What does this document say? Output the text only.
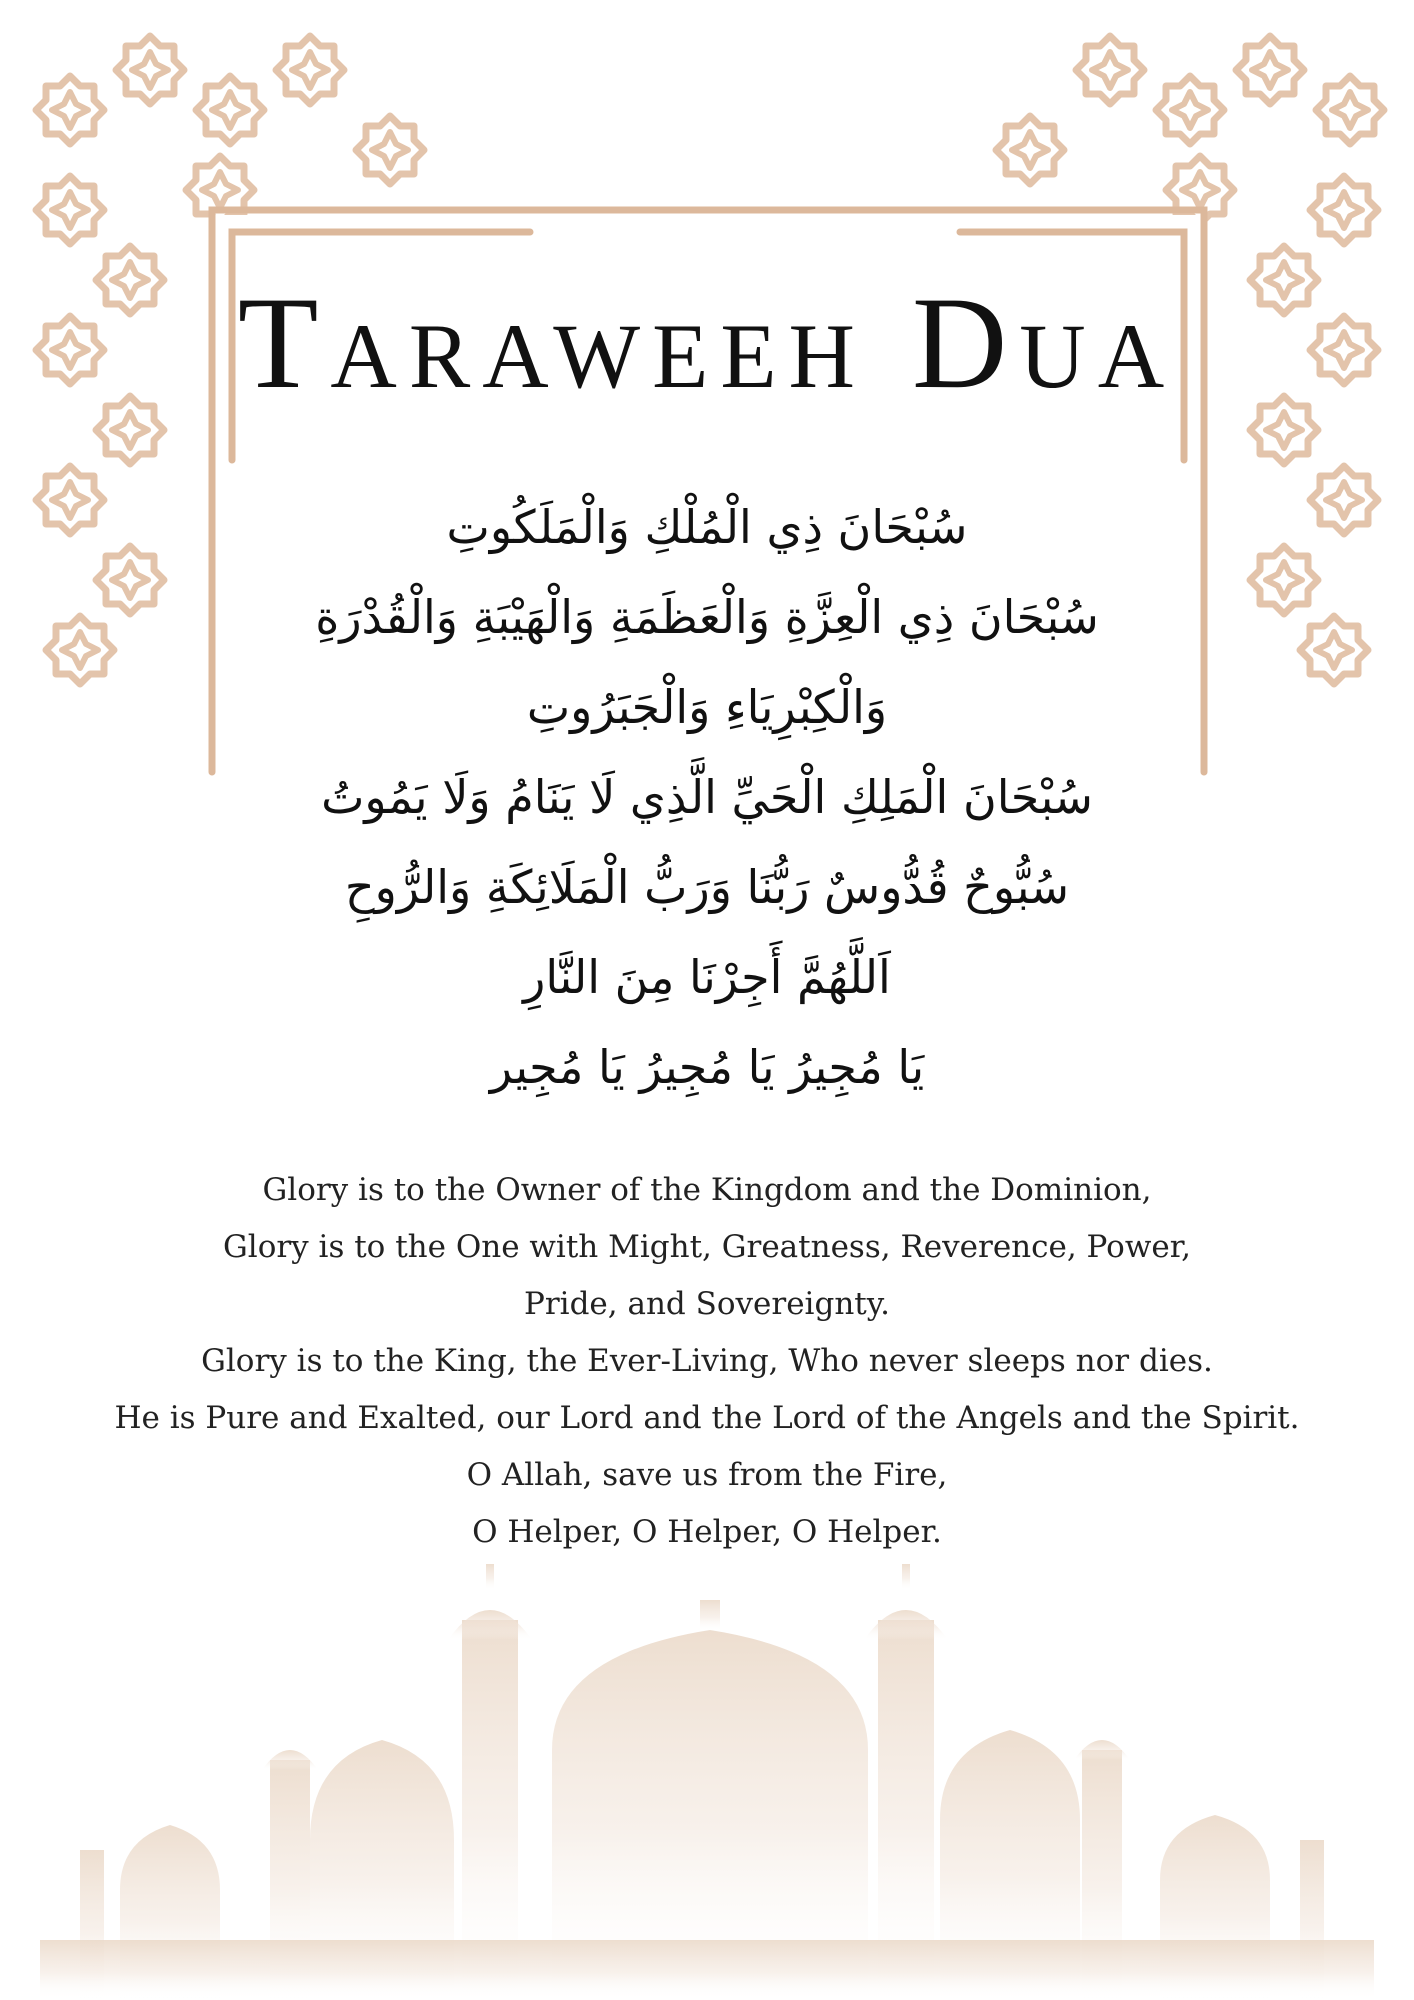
Taraweeh Dua
سُبْحَانَ ذِي الْمُلْكِ وَالْمَلَكُوتِ
سُبْحَانَ ذِي الْعِزَّةِ وَالْعَظَمَةِ وَالْهَيْبَةِ وَالْقُدْرَةِ
وَالْكِبْرِيَاءِ وَالْجَبَرُوتِ
سُبْحَانَ الْمَلِكِ الْحَيِّ الَّذِي لَا يَنَامُ وَلَا يَمُوتُ
سُبُّوحٌ قُدُّوسٌ رَبُّنَا وَرَبُّ الْمَلَائِكَةِ وَالرُّوحِ
اَللَّهُمَّ أَجِرْنَا مِنَ النَّارِ
يَا مُجِيرُ يَا مُجِيرُ يَا مُجِير
Glory is to the Owner of the Kingdom and the Dominion,
Glory is to the One with Might, Greatness, Reverence, Power,
Pride, and Sovereignty.
Glory is to the King, the Ever-Living, Who never sleeps nor dies.
He is Pure and Exalted, our Lord and the Lord of the Angels and the Spirit.
O Allah, save us from the Fire,
O Helper, O Helper, O Helper.
